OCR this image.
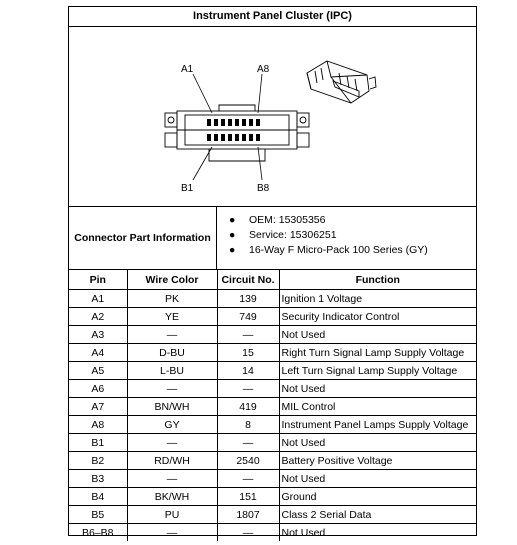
Instrument Panel Cluster (IPC)
A1	A8
B1	B8
Connector Part Information
● OEM: 15305356
● Service: 15306251
● 16-Way F Micro-Pack 100 Series (GY)
Pin	Wire Color	Circuit No.	Function
A1	PK	139	Ignition 1 Voltage
A2	YE	749	Security Indicator Control
A3	—	—	Not Used
A4	D-BU	15	Right Turn Signal Lamp Supply Voltage
A5	L-BU	14	Left Turn Signal Lamp Supply Voltage
A6	—	—	Not Used
A7	BN/WH	419	MIL Control
A8	GY	8	Instrument Panel Lamps Supply Voltage
B1	—	—	Not Used
B2	RD/WH	2540	Battery Positive Voltage
B3	—	—	Not Used
B4	BK/WH	151	Ground
B5	PU	1807	Class 2 Serial Data
B6–B8	—	—	Not Used
